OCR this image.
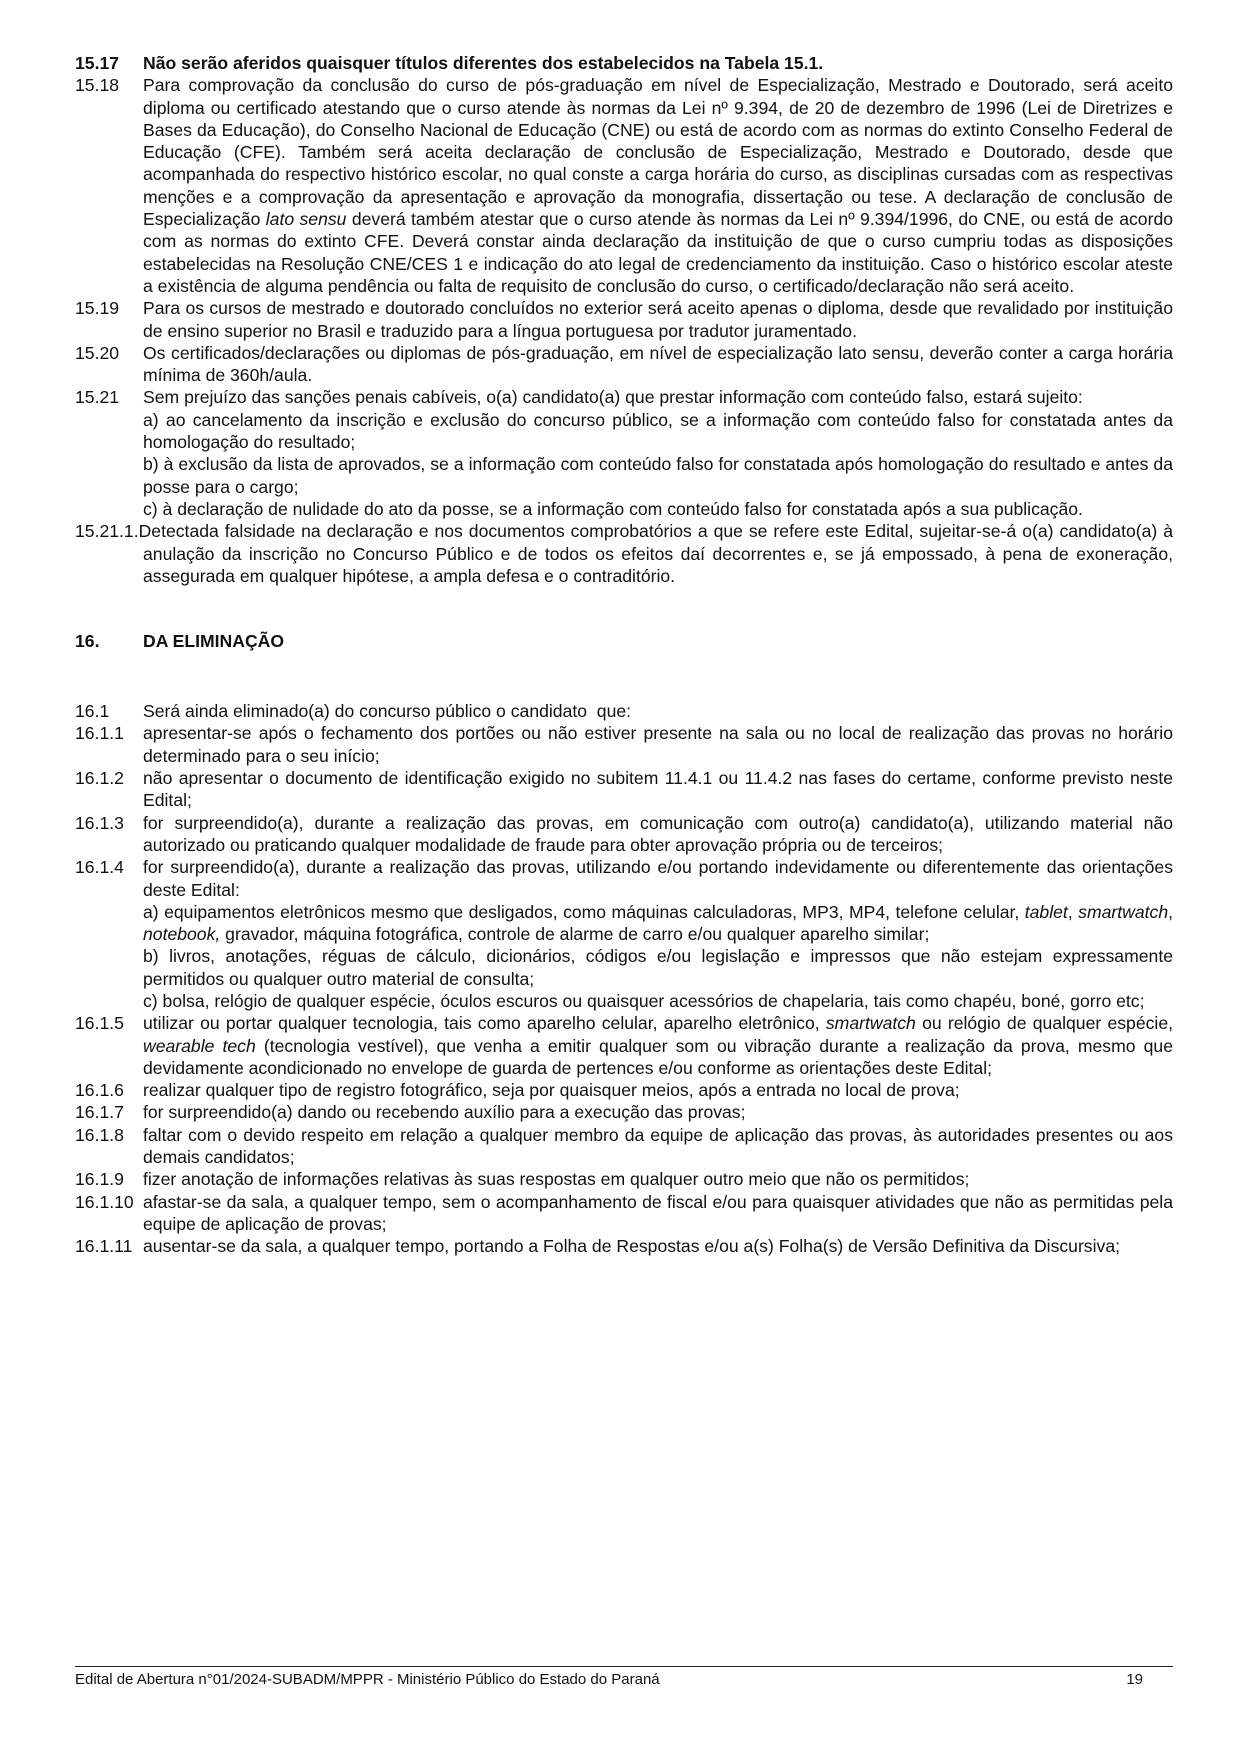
15.17	Não serão aferidos quaisquer títulos diferentes dos estabelecidos na Tabela 15.1.

15.18	Para comprovação da conclusão do curso de pós-graduação em nível de Especialização, Mestrado e Doutorado, será aceito diploma ou certificado atestando que o curso atende às normas da Lei nº 9.394, de 20 de dezembro de 1996 (Lei de Diretrizes e Bases da Educação), do Conselho Nacional de Educação (CNE) ou está de acordo com as normas do extinto Conselho Federal de Educação (CFE). Também será aceita declaração de conclusão de Especialização, Mestrado e Doutorado, desde que acompanhada do respectivo histórico escolar, no qual conste a carga horária do curso, as disciplinas cursadas com as respectivas menções e a comprovação da apresentação e aprovação da monografia, dissertação ou tese. A declaração de conclusão de Especialização lato sensu deverá também atestar que o curso atende às normas da Lei nº 9.394/1996, do CNE, ou está de acordo com as normas do extinto CFE. Deverá constar ainda declaração da instituição de que o curso cumpriu todas as disposições estabelecidas na Resolução CNE/CES 1 e indicação do ato legal de credenciamento da instituição. Caso o histórico escolar ateste a existência de alguma pendência ou falta de requisito de conclusão do curso, o certificado/declaração não será aceito.

15.19	Para os cursos de mestrado e doutorado concluídos no exterior será aceito apenas o diploma, desde que revalidado por instituição de ensino superior no Brasil e traduzido para a língua portuguesa por tradutor juramentado.

15.20	Os certificados/declarações ou diplomas de pós-graduação, em nível de especialização lato sensu, deverão conter a carga horária mínima de 360h/aula.

15.21	Sem prejuízo das sanções penais cabíveis, o(a) candidato(a) que prestar informação com conteúdo falso, estará sujeito:

a) ao cancelamento da inscrição e exclusão do concurso público, se a informação com conteúdo falso for constatada antes da homologação do resultado;

b) à exclusão da lista de aprovados, se a informação com conteúdo falso for constatada após homologação do resultado e antes da posse para o cargo;

c) à declaração de nulidade do ato da posse, se a informação com conteúdo falso for constatada após a sua publicação.

15.21.1.Detectada falsidade na declaração e nos documentos comprobatórios a que se refere este Edital, sujeitar-se-á o(a) candidato(a) à anulação da inscrição no Concurso Público e de todos os efeitos daí decorrentes e, se já empossado, à pena de exoneração, assegurada em qualquer hipótese, a ampla defesa e o contraditório.

16.	DA ELIMINAÇÃO
16.1	Será ainda eliminado(a) do concurso público o candidato  que:

16.1.1	apresentar-se após o fechamento dos portões ou não estiver presente na sala ou no local de realização das provas no horário determinado para o seu início;

16.1.2	não apresentar o documento de identificação exigido no subitem 11.4.1 ou 11.4.2 nas fases do certame, conforme previsto neste Edital;

16.1.3	for surpreendido(a), durante a realização das provas, em comunicação com outro(a) candidato(a), utilizando material não autorizado ou praticando qualquer modalidade de fraude para obter aprovação própria ou de terceiros;

16.1.4	for surpreendido(a), durante a realização das provas, utilizando e/ou portando indevidamente ou diferentemente das orientações deste Edital:

a) equipamentos eletrônicos mesmo que desligados, como máquinas calculadoras, MP3, MP4, telefone celular, tablet, smartwatch, notebook, gravador, máquina fotográfica, controle de alarme de carro e/ou qualquer aparelho similar;

b) livros, anotações, réguas de cálculo, dicionários, códigos e/ou legislação e impressos que não estejam expressamente permitidos ou qualquer outro material de consulta;

c) bolsa, relógio de qualquer espécie, óculos escuros ou quaisquer acessórios de chapelaria, tais como chapéu, boné, gorro etc;

16.1.5	utilizar ou portar qualquer tecnologia, tais como aparelho celular, aparelho eletrônico, smartwatch ou relógio de qualquer espécie, wearable tech (tecnologia vestível), que venha a emitir qualquer som ou vibração durante a realização da prova, mesmo que devidamente acondicionado no envelope de guarda de pertences e/ou conforme as orientações deste Edital;

16.1.6	realizar qualquer tipo de registro fotográfico, seja por quaisquer meios, após a entrada no local de prova;

16.1.7	for surpreendido(a) dando ou recebendo auxílio para a execução das provas;

16.1.8	faltar com o devido respeito em relação a qualquer membro da equipe de aplicação das provas, às autoridades presentes ou aos demais candidatos;

16.1.9	fizer anotação de informações relativas às suas respostas em qualquer outro meio que não os permitidos;

16.1.10 afastar-se da sala, a qualquer tempo, sem o acompanhamento de fiscal e/ou para quaisquer atividades que não as permitidas pela equipe de aplicação de provas;

16.1.11 ausentar-se da sala, a qualquer tempo, portando a Folha de Respostas e/ou a(s) Folha(s) de Versão Definitiva da Discursiva;

Edital de Abertura n°01/2024-SUBADM/MPPR - Ministério Público do Estado do Paraná	19
